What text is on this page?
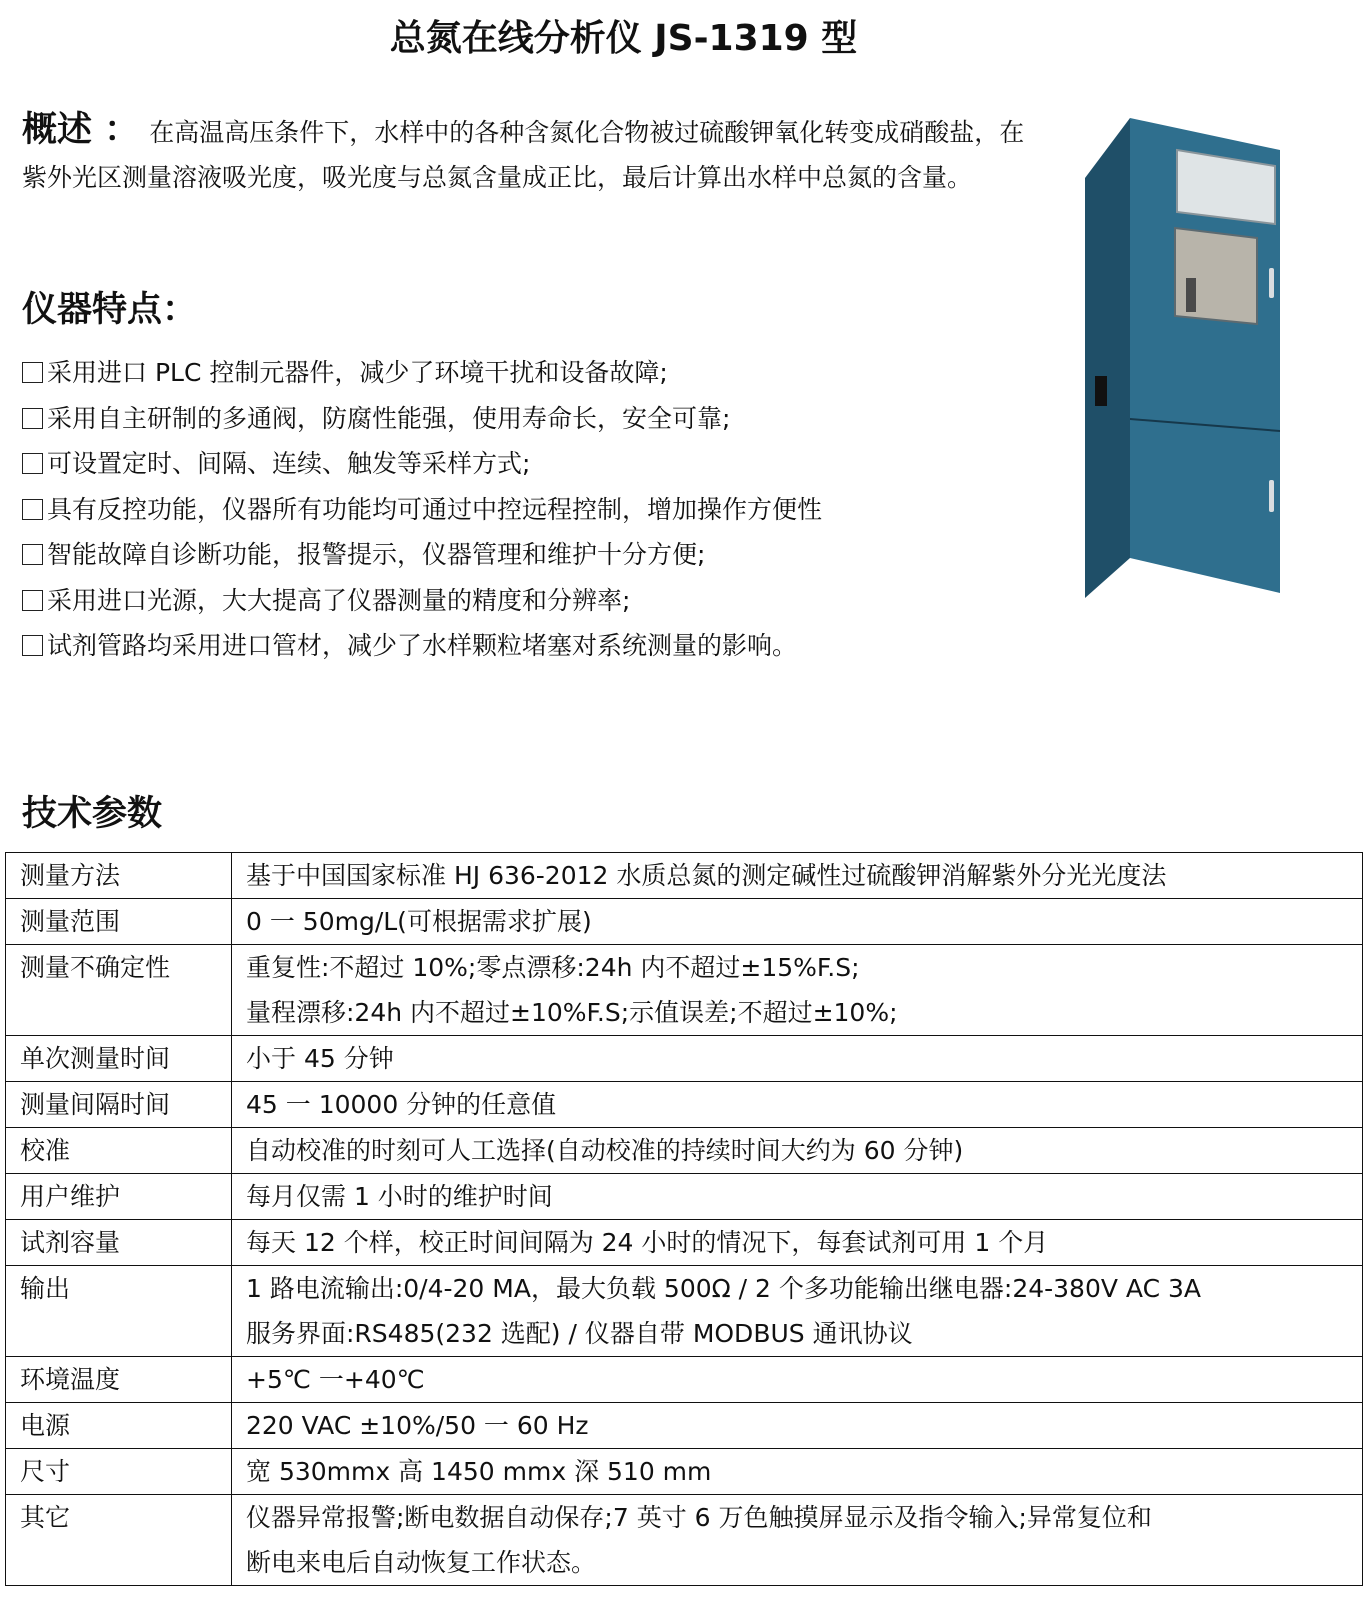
总氮在线分析仪 JS-1319 型
概述 ： 在高温高压条件下，水样中的各种含氮化合物被过硫酸钾氧化转变成硝酸盐，在紫外光区测量溶液吸光度，吸光度与总氮含量成正比，最后计算出水样中总氮的含量。
仪器特点：
采用进口 PLC 控制元器件，减少了环境干扰和设备故障;
采用自主研制的多通阀，防腐性能强，使用寿命长，安全可靠;
可设置定时、间隔、连续、触发等采样方式;
具有反控功能，仪器所有功能均可通过中控远程控制，增加操作方便性
智能故障自诊断功能，报警提示，仪器管理和维护十分方便;
采用进口光源，大大提高了仪器测量的精度和分辨率;
试剂管路均采用进口管材，减少了水样颗粒堵塞对系统测量的影响。
技术参数
测量方法	基于中国国家标准 HJ 636-2012 水质总氮的测定碱性过硫酸钾消解紫外分光光度法

测量范围	0 一 50mg/L(可根据需求扩展)

测量不确定性	重复性:不超过 10%;零点漂移:24h 内不超过±15%F.S;
量程漂移:24h 内不超过±10%F.S;示值误差;不超过±10%;

单次测量时间	小于 45 分钟

测量间隔时间	45 一 10000 分钟的任意值

校准	自动校准的时刻可人工选择(自动校准的持续时间大约为 60 分钟)

用户维护	每月仅需 1 小时的维护时间

试剂容量	每天 12 个样，校正时间间隔为 24 小时的情况下，每套试剂可用 1 个月

输出	1 路电流输出:0/4-20 MA，最大负载 500Ω / 2 个多功能输出继电器:24-380V AC 3A
服务界面:RS485(232 选配) / 仪器自带 MODBUS 通讯协议

环境温度	+5℃ 一+40℃

电源	220 VAC ±10%/50 一 60 Hz

尺寸	宽 530mmx 高 1450 mmx 深 510 mm

其它	仪器异常报警;断电数据自动保存;7 英寸 6 万色触摸屏显示及指令输入;异常复位和
断电来电后自动恢复工作状态。
